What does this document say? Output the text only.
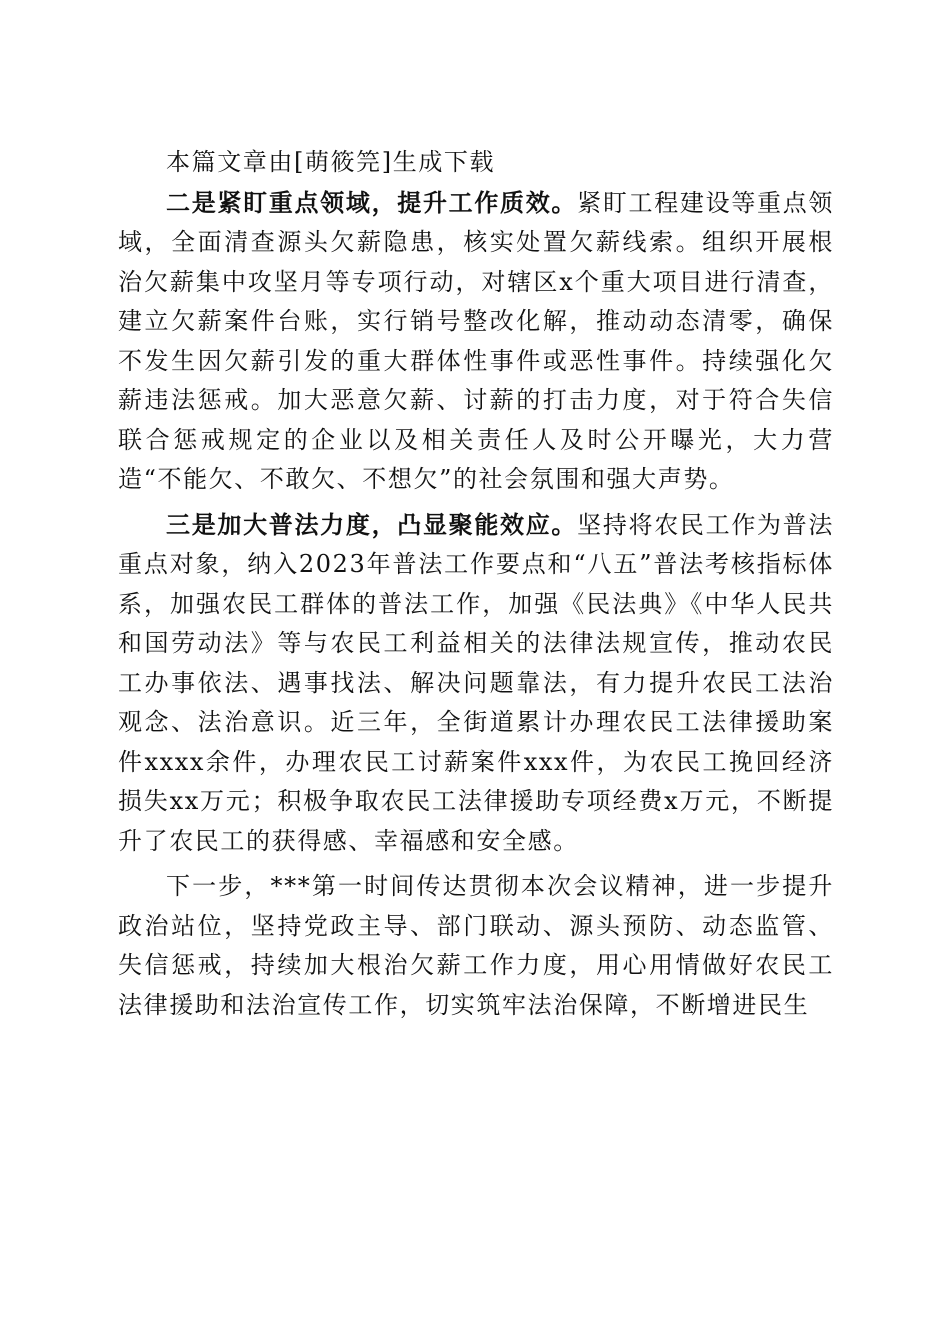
本篇文章由[萌筱笎]生成下载

二是紧盯重点领域，提升工作质效。紧盯工程建设等重点领域，全面清查源头欠薪隐患，核实处置欠薪线索。组织开展根治欠薪集中攻坚月等专项行动，对辖区x个重大项目进行清查，建立欠薪案件台账，实行销号整改化解，推动动态清零，确保不发生因欠薪引发的重大群体性事件或恶性事件。持续强化欠薪违法惩戒。加大恶意欠薪、讨薪的打击力度，对于符合失信联合惩戒规定的企业以及相关责任人及时公开曝光，大力营造“不能欠、不敢欠、不想欠”的社会氛围和强大声势。

三是加大普法力度，凸显聚能效应。坚持将农民工作为普法重点对象，纳入2023年普法工作要点和“八五”普法考核指标体系，加强农民工群体的普法工作，加强《民法典》《中华人民共和国劳动法》等与农民工利益相关的法律法规宣传，推动农民工办事依法、遇事找法、解决问题靠法，有力提升农民工法治观念、法治意识。近三年，全街道累计办理农民工法律援助案件xxxx余件，办理农民工讨薪案件xxx件，为农民工挽回经济损失xx万元；积极争取农民工法律援助专项经费x万元，不断提升了农民工的获得感、幸福感和安全感。

下一步，***第一时间传达贯彻本次会议精神，进一步提升政治站位，坚持党政主导、部门联动、源头预防、动态监管、失信惩戒，持续加大根治欠薪工作力度，用心用情做好农民工法律援助和法治宣传工作，切实筑牢法治保障，不断增进民生
